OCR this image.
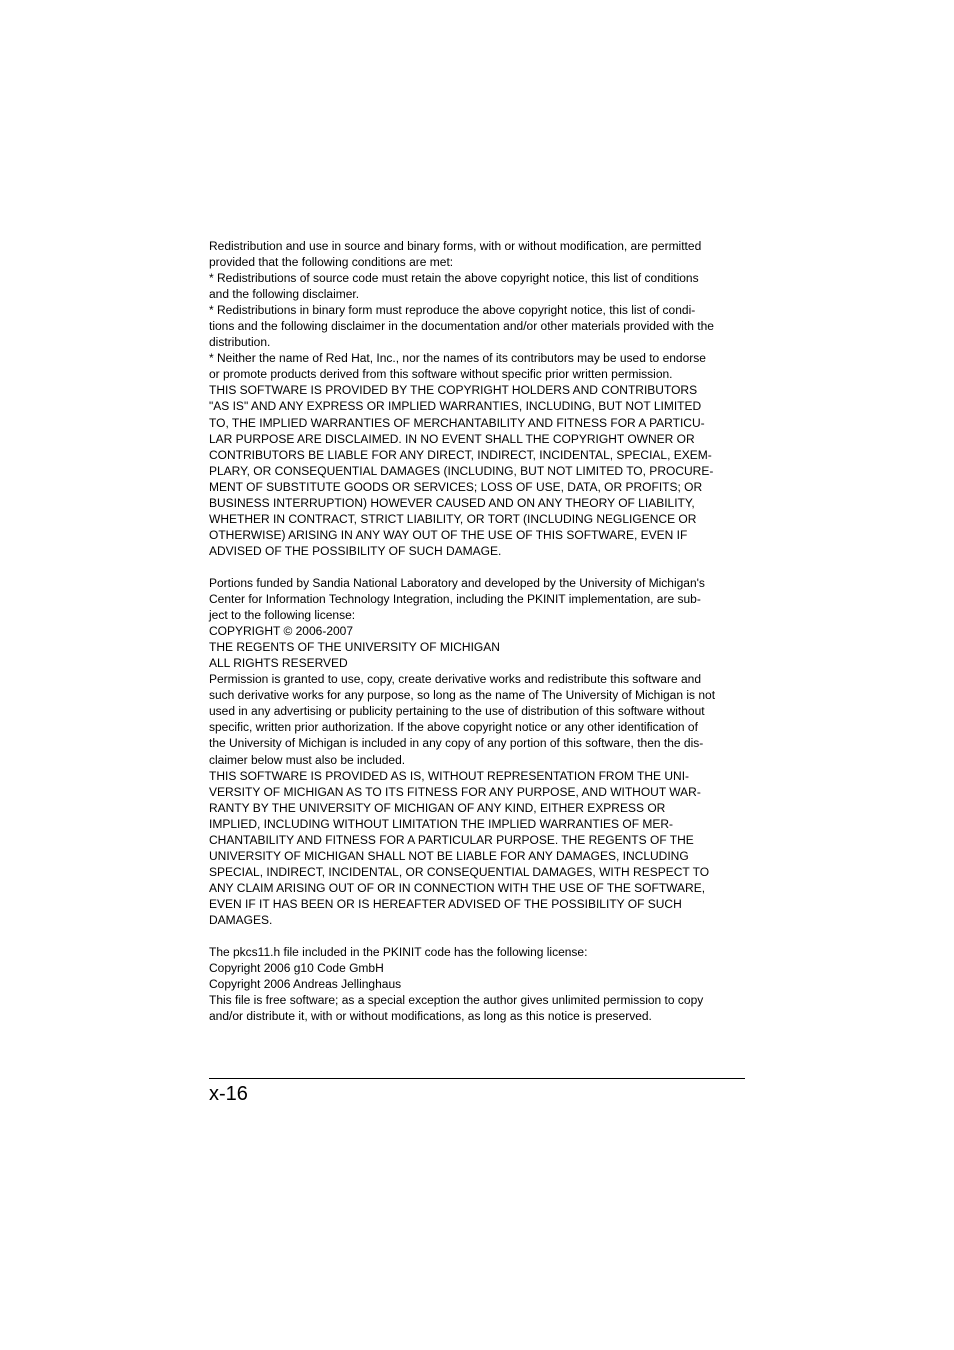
Redistribution and use in source and binary forms, with or without modification, are permitted
provided that the following conditions are met:
* Redistributions of source code must retain the above copyright notice, this list of conditions
and the following disclaimer.
* Redistributions in binary form must reproduce the above copyright notice, this list of condi-
tions and the following disclaimer in the documentation and/or other materials provided with the
distribution.
* Neither the name of Red Hat, Inc., nor the names of its contributors may be used to endorse
or promote products derived from this software without specific prior written permission.
THIS SOFTWARE IS PROVIDED BY THE COPYRIGHT HOLDERS AND CONTRIBUTORS
"AS IS" AND ANY EXPRESS OR IMPLIED WARRANTIES, INCLUDING, BUT NOT LIMITED
TO, THE IMPLIED WARRANTIES OF MERCHANTABILITY AND FITNESS FOR A PARTICU-
LAR PURPOSE ARE DISCLAIMED. IN NO EVENT SHALL THE COPYRIGHT OWNER OR
CONTRIBUTORS BE LIABLE FOR ANY DIRECT, INDIRECT, INCIDENTAL, SPECIAL, EXEM-
PLARY, OR CONSEQUENTIAL DAMAGES (INCLUDING, BUT NOT LIMITED TO, PROCURE-
MENT OF SUBSTITUTE GOODS OR SERVICES; LOSS OF USE, DATA, OR PROFITS; OR
BUSINESS INTERRUPTION) HOWEVER CAUSED AND ON ANY THEORY OF LIABILITY,
WHETHER IN CONTRACT, STRICT LIABILITY, OR TORT (INCLUDING NEGLIGENCE OR
OTHERWISE) ARISING IN ANY WAY OUT OF THE USE OF THIS SOFTWARE, EVEN IF
ADVISED OF THE POSSIBILITY OF SUCH DAMAGE.
Portions funded by Sandia National Laboratory and developed by the University of Michigan's
Center for Information Technology Integration, including the PKINIT implementation, are sub-
ject to the following license:
COPYRIGHT © 2006-2007
THE REGENTS OF THE UNIVERSITY OF MICHIGAN
ALL RIGHTS RESERVED
Permission is granted to use, copy, create derivative works and redistribute this software and
such derivative works for any purpose, so long as the name of The University of Michigan is not
used in any advertising or publicity pertaining to the use of distribution of this software without
specific, written prior authorization. If the above copyright notice or any other identification of
the University of Michigan is included in any copy of any portion of this software, then the dis-
claimer below must also be included.
THIS SOFTWARE IS PROVIDED AS IS, WITHOUT REPRESENTATION FROM THE UNI-
VERSITY OF MICHIGAN AS TO ITS FITNESS FOR ANY PURPOSE, AND WITHOUT WAR-
RANTY BY THE UNIVERSITY OF MICHIGAN OF ANY KIND, EITHER EXPRESS OR
IMPLIED, INCLUDING WITHOUT LIMITATION THE IMPLIED WARRANTIES OF MER-
CHANTABILITY AND FITNESS FOR A PARTICULAR PURPOSE. THE REGENTS OF THE
UNIVERSITY OF MICHIGAN SHALL NOT BE LIABLE FOR ANY DAMAGES, INCLUDING
SPECIAL, INDIRECT, INCIDENTAL, OR CONSEQUENTIAL DAMAGES, WITH RESPECT TO
ANY CLAIM ARISING OUT OF OR IN CONNECTION WITH THE USE OF THE SOFTWARE,
EVEN IF IT HAS BEEN OR IS HEREAFTER ADVISED OF THE POSSIBILITY OF SUCH
DAMAGES.
The pkcs11.h file included in the PKINIT code has the following license:
Copyright 2006 g10 Code GmbH
Copyright 2006 Andreas Jellinghaus
This file is free software; as a special exception the author gives unlimited permission to copy
and/or distribute it, with or without modifications, as long as this notice is preserved.
x-16
